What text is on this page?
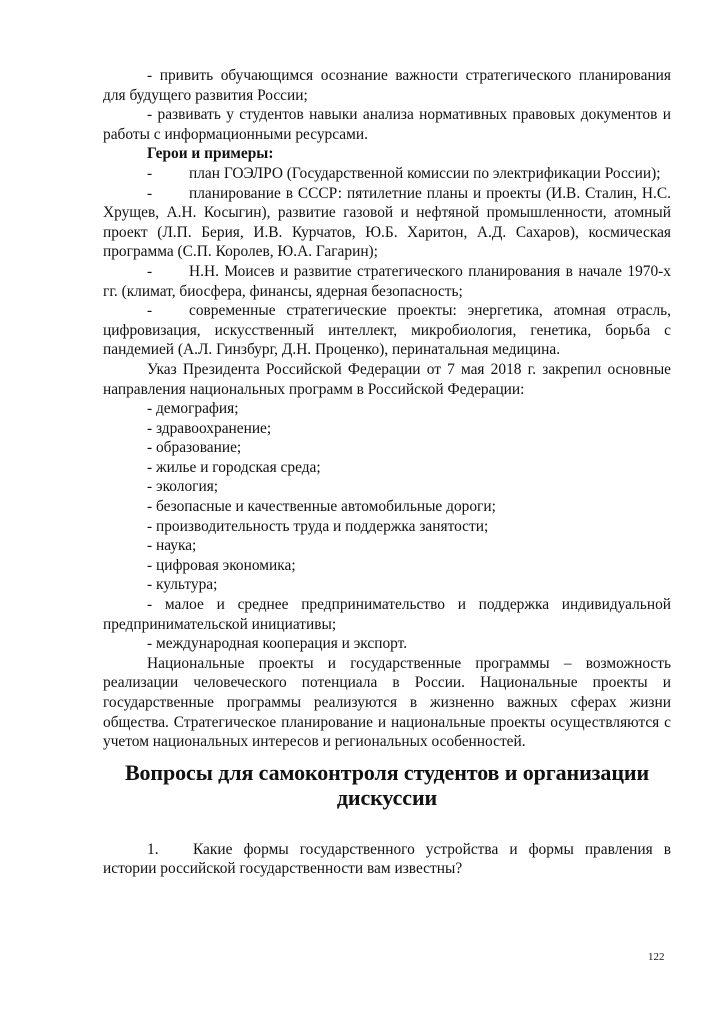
- привить обучающимся осознание важности стратегического планирования для будущего развития России;

- развивать у студентов навыки анализа нормативных правовых документов и работы с информационными ресурсами.

Герои и примеры:

- план ГОЭЛРО (Государственной комиссии по электрификации России);

- планирование в СССР: пятилетние планы и проекты (И.В. Сталин, Н.С. Хрущев, А.Н. Косыгин), развитие газовой и нефтяной промышленности, атомный проект (Л.П. Берия, И.В. Курчатов, Ю.Б. Харитон, А.Д. Сахаров), космическая программа (С.П. Королев, Ю.А. Гагарин);

- Н.Н. Моисев и развитие стратегического планирования в начале 1970-х гг. (климат, биосфера, финансы, ядерная безопасность;

- современные стратегические проекты: энергетика, атомная отрасль, цифровизация, искусственный интеллект, микробиология, генетика, борьба с пандемией (А.Л. Гинзбург, Д.Н. Проценко), перинатальная медицина.

Указ Президента Российской Федерации от 7 мая 2018 г. закрепил основные направления национальных программ в Российской Федерации:

- демография;

- здравоохранение;

- образование;

- жилье и городская среда;

- экология;

- безопасные и качественные автомобильные дороги;

- производительность труда и поддержка занятости;

- наука;

- цифровая экономика;

- культура;

- малое и среднее предпринимательство и поддержка индивидуальной предпринимательской инициативы;

- международная кооперация и экспорт.

Национальные проекты и государственные программы – возможность реализации человеческого потенциала в России. Национальные проекты и государственные программы реализуются в жизненно важных сферах жизни общества. Стратегическое планирование и национальные проекты осуществляются с учетом национальных интересов и региональных особенностей.

Вопросы для самоконтроля студентов и организации дискуссии

1. Какие формы государственного устройства и формы правления в истории российской государственности вам известны?

122
